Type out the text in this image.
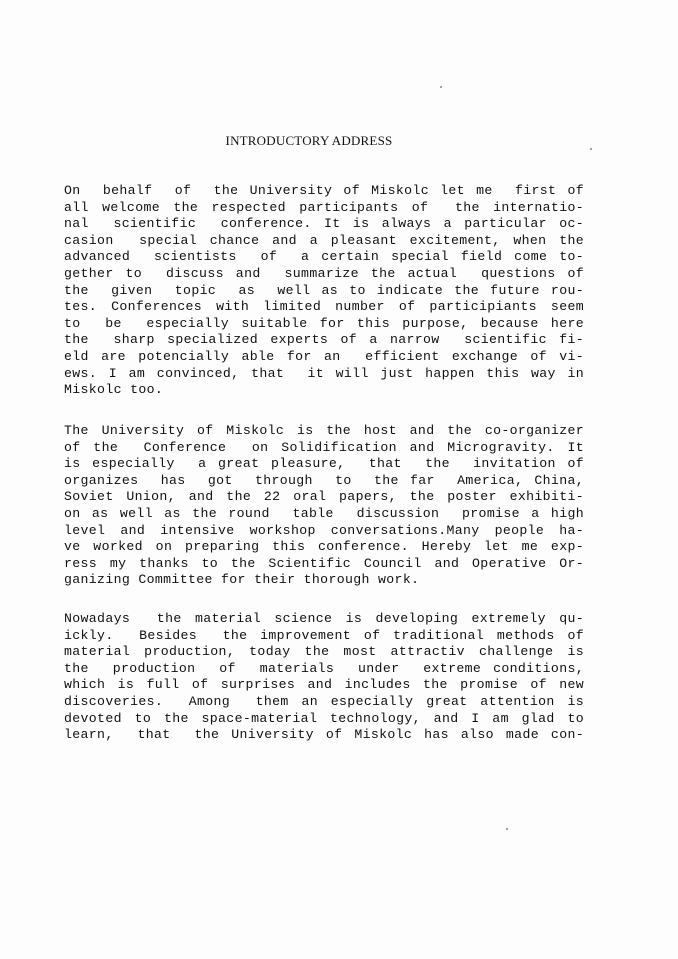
INTRODUCTORY ADDRESS
On  behalf  of  the University of Miskolc let me  first of
all welcome the respected participants of  the internatio-
nal  scientific  conference. It is always a particular oc-
casion  special chance and a pleasant excitement, when the
advanced  scientists  of  a certain special field come to-
gether to  discuss and  summarize the actual  questions of
the  given  topic  as  well as to indicate the future rou-
tes. Conferences with limited number of participiants seem
to  be  especially suitable for this purpose, because here
the  sharp specialized experts of a narrow  scientific fi-
eld are potencially able for an  efficient exchange of vi-
ews. I am convinced, that  it will just happen this way in
Miskolc too.
The University of Miskolc is the host and the co-organizer
of the  Conference  on Solidification and Microgravity. It
is especially  a great pleasure,  that  the  invitation of
organizes  has  got  through  to  the far  America, China,
Soviet Union, and the 22 oral papers, the poster exhibiti-
on as well as the round  table  discussion  promise a high
level and intensive workshop conversations.Many people ha-
ve worked on preparing this conference. Hereby let me exp-
ress my thanks to the Scientific Council and Operative Or-
ganizing Committee for their thorough work.
Nowadays  the material science is developing extremely qu-
ickly.  Besides  the improvement of traditional methods of
material production, today the most attractiv challenge is
the  production  of  materials  under  extreme conditions,
which is full of surprises and includes the promise of new
discoveries.  Among  them an especially great attention is
devoted to the space-material technology, and I am glad to
learn,  that  the University of Miskolc has also made con-
